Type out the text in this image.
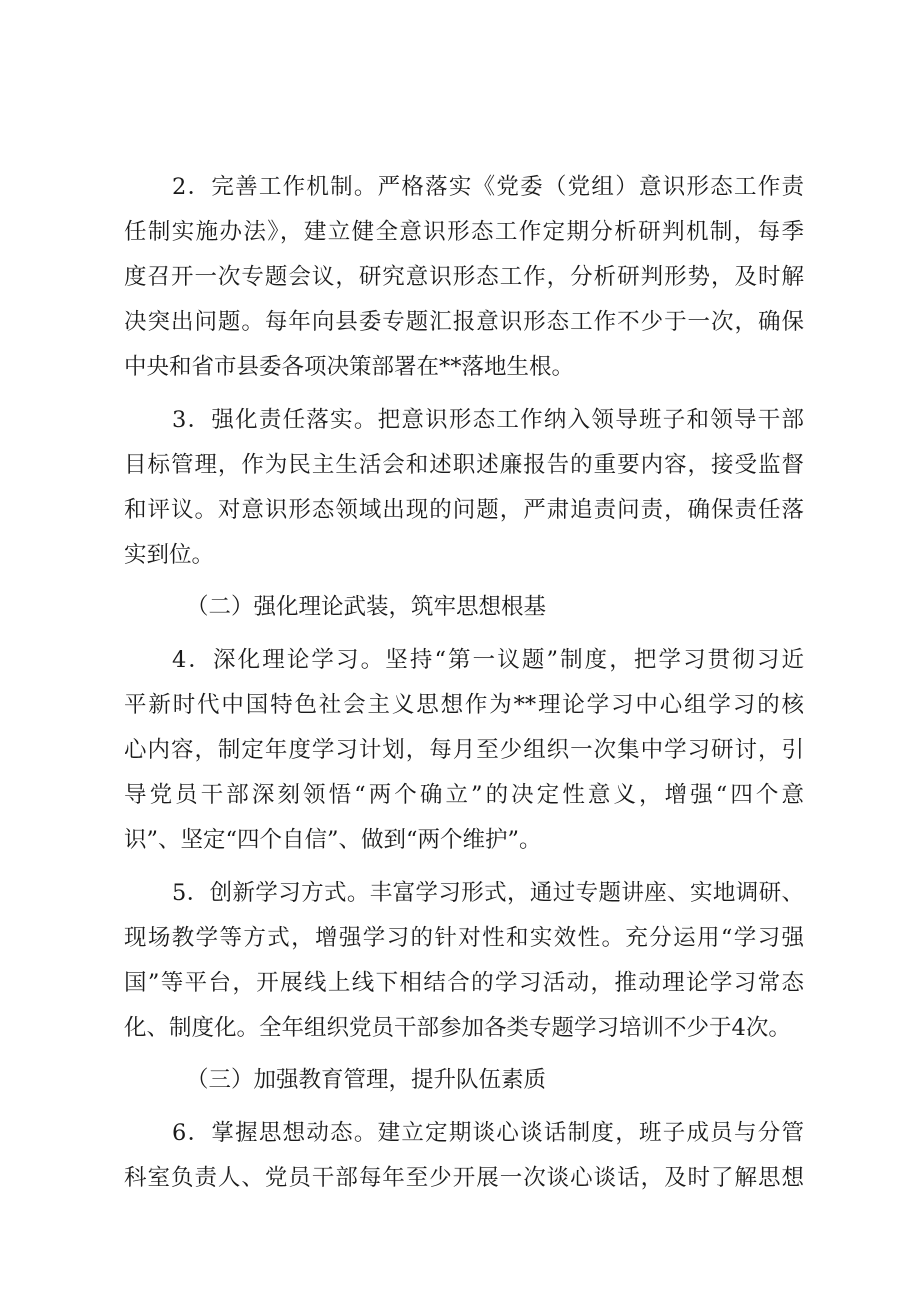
2．完善工作机制。严格落实《党委（党组）意识形态工作责
任制实施办法》，建立健全意识形态工作定期分析研判机制，每季
度召开一次专题会议，研究意识形态工作，分析研判形势，及时解
决突出问题。每年向县委专题汇报意识形态工作不少于一次，确保
中央和省市县委各项决策部署在**落地生根。
3．强化责任落实。把意识形态工作纳入领导班子和领导干部
目标管理，作为民主生活会和述职述廉报告的重要内容，接受监督
和评议。对意识形态领域出现的问题，严肃追责问责，确保责任落
实到位。
（二）强化理论武装，筑牢思想根基
4．深化理论学习。坚持“第一议题”制度，把学习贯彻习近
平新时代中国特色社会主义思想作为**理论学习中心组学习的核
心内容，制定年度学习计划，每月至少组织一次集中学习研讨，引
导党员干部深刻领悟“两个确立”的决定性意义，增强“四个意
识”、坚定“四个自信”、做到“两个维护”。
5．创新学习方式。丰富学习形式，通过专题讲座、实地调研、
现场教学等方式，增强学习的针对性和实效性。充分运用“学习强
国”等平台，开展线上线下相结合的学习活动，推动理论学习常态
化、制度化。全年组织党员干部参加各类专题学习培训不少于4次。
（三）加强教育管理，提升队伍素质
6．掌握思想动态。建立定期谈心谈话制度，班子成员与分管
科室负责人、党员干部每年至少开展一次谈心谈话，及时了解思想
